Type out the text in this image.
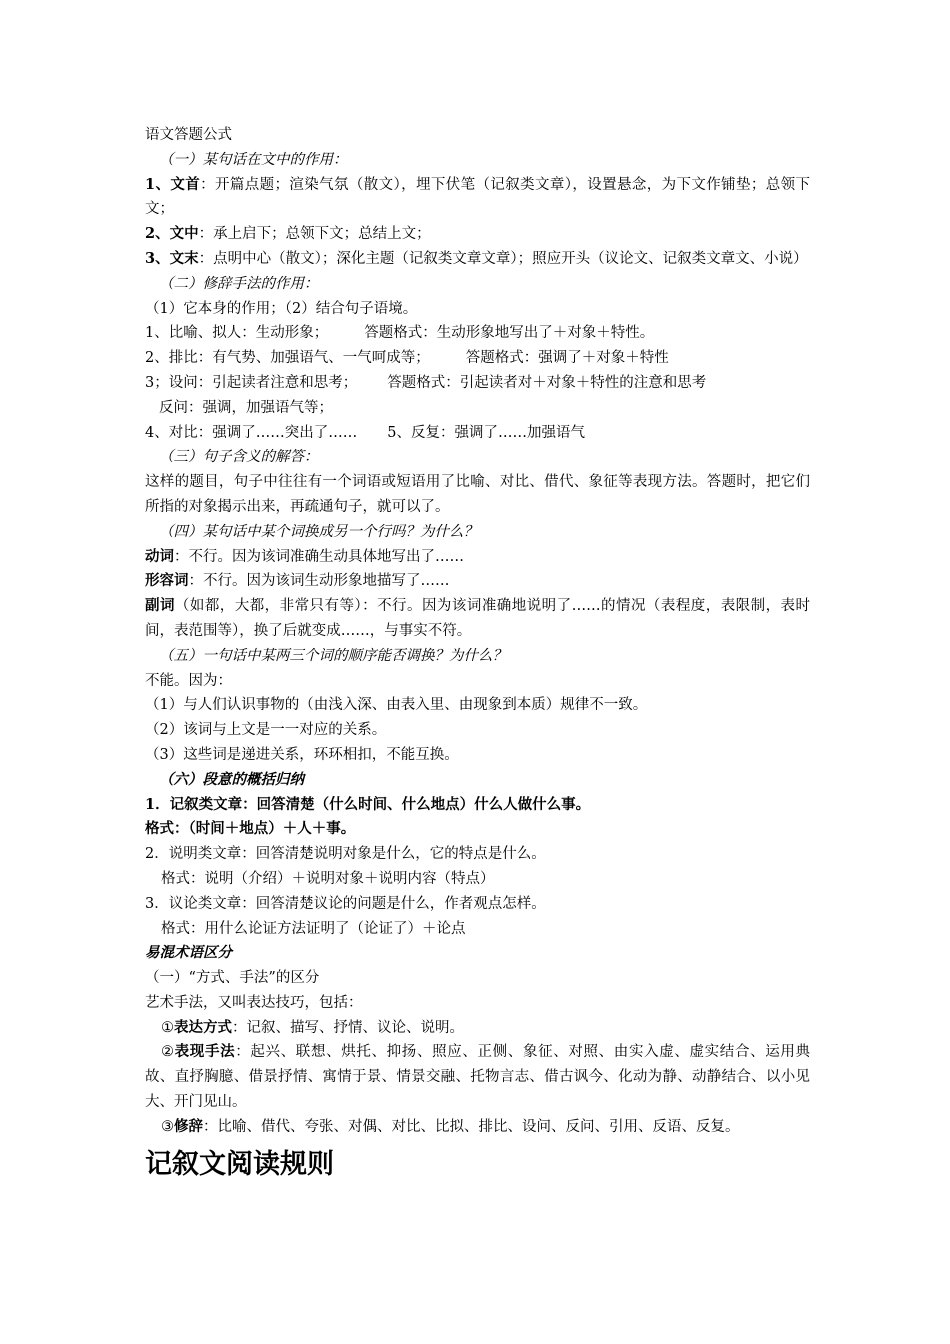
语文答题公式
（一）某句话在文中的作用：
1、文首：开篇点题；渲染气氛（散文），埋下伏笔（记叙类文章），设置悬念，为下文作铺垫；总领下文；
2、文中：承上启下；总领下文；总结上文；
3、文末：点明中心（散文）；深化主题（记叙类文章文章）；照应开头（议论文、记叙类文章文、小说）
（二）修辞手法的作用：
（1）它本身的作用；（2）结合句子语境。
1、比喻、拟人：生动形象； 答题格式：生动形象地写出了＋对象＋特性。
2、排比：有气势、加强语气、一气呵成等； 答题格式：强调了＋对象＋特性
3；设问：引起读者注意和思考； 答题格式：引起读者对＋对象＋特性的注意和思考
反问：强调，加强语气等；
4、对比：强调了……突出了…… 5、反复：强调了……加强语气
（三）句子含义的解答：
这样的题目，句子中往往有一个词语或短语用了比喻、对比、借代、象征等表现方法。答题时，把它们所指的对象揭示出来，再疏通句子，就可以了。
（四）某句话中某个词换成另一个行吗？为什么？
动词：不行。因为该词准确生动具体地写出了……
形容词：不行。因为该词生动形象地描写了……
副词（如都，大都，非常只有等）：不行。因为该词准确地说明了……的情况（表程度，表限制，表时间，表范围等），换了后就变成……，与事实不符。
（五）一句话中某两三个词的顺序能否调换？为什么？
不能。因为：
（1）与人们认识事物的（由浅入深、由表入里、由现象到本质）规律不一致。
（2）该词与上文是一一对应的关系。
（3）这些词是递进关系，环环相扣，不能互换。
（六）段意的概括归纳
1．记叙类文章：回答清楚（什么时间、什么地点）什么人做什么事。
格式：（时间＋地点）＋人＋事。
2．说明类文章：回答清楚说明对象是什么，它的特点是什么。
格式：说明（介绍）＋说明对象＋说明内容（特点）
3．议论类文章：回答清楚议论的问题是什么，作者观点怎样。
格式：用什么论证方法证明了（论证了）＋论点
易混术语区分
（一）“方式、手法”的区分
艺术手法，又叫表达技巧，包括：
①表达方式：记叙、描写、抒情、议论、说明。
②表现手法：起兴、联想、烘托、抑扬、照应、正侧、象征、对照、由实入虚、虚实结合、运用典故、直抒胸臆、借景抒情、寓情于景、情景交融、托物言志、借古讽今、化动为静、动静结合、以小见大、开门见山。
③修辞：比喻、借代、夸张、对偶、对比、比拟、排比、设问、反问、引用、反语、反复。
记叙文阅读规则
